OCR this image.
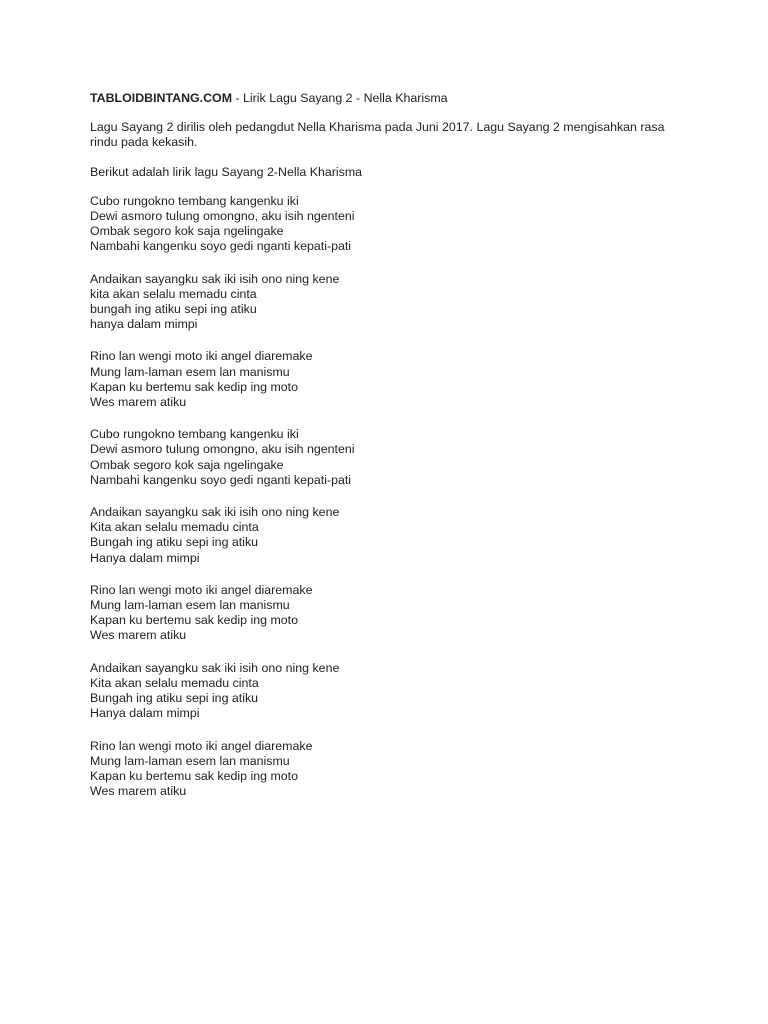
TABLOIDBINTANG.COM - Lirik Lagu Sayang 2 - Nella Kharisma
Lagu Sayang 2 dirilis oleh pedangdut Nella Kharisma pada Juni 2017. Lagu Sayang 2 mengisahkan rasa rindu pada kekasih.
Berikut adalah lirik lagu Sayang 2-Nella Kharisma
Cubo rungokno tembang kangenku iki
Dewi asmoro tulung omongno, aku isih ngenteni
Ombak segoro kok saja ngelingake
Nambahi kangenku soyo gedi nganti kepati-pati
Andaikan sayangku sak iki isih ono ning kene
kita akan selalu memadu cinta
bungah ing atiku sepi ing atiku
hanya dalam mimpi
Rino lan wengi moto iki angel diaremake
Mung lam-laman esem lan manismu
Kapan ku bertemu sak kedip ing moto
Wes marem atiku
Cubo rungokno tembang kangenku iki
Dewi asmoro tulung omongno, aku isih ngenteni
Ombak segoro kok saja ngelingake
Nambahi kangenku soyo gedi nganti kepati-pati
Andaikan sayangku sak iki isih ono ning kene
Kita akan selalu memadu cinta
Bungah ing atiku sepi ing atiku
Hanya dalam mimpi
Rino lan wengi moto iki angel diaremake
Mung lam-laman esem lan manismu
Kapan ku bertemu sak kedip ing moto
Wes marem atiku
Andaikan sayangku sak iki isih ono ning kene
Kita akan selalu memadu cinta
Bungah ing atiku sepi ing atiku
Hanya dalam mimpi
Rino lan wengi moto iki angel diaremake
Mung lam-laman esem lan manismu
Kapan ku bertemu sak kedip ing moto
Wes marem atiku
